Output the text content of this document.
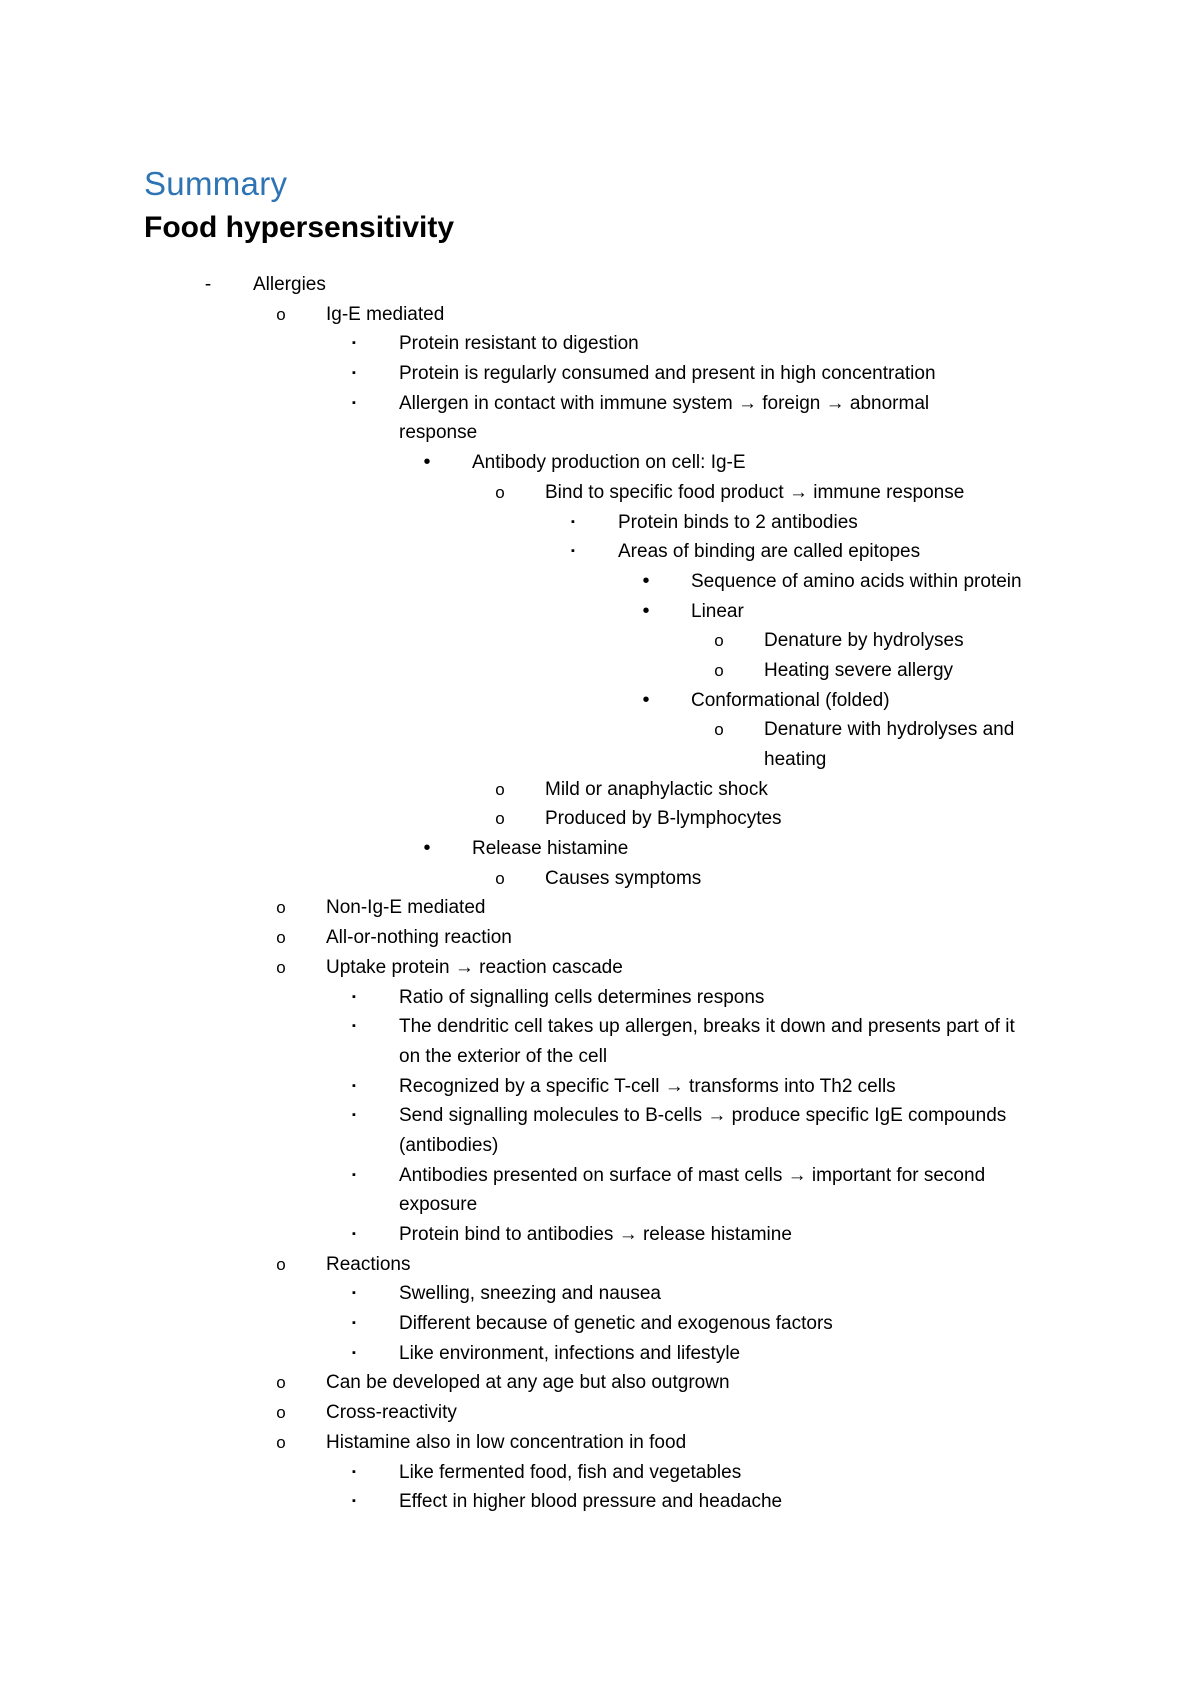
Summary
Food hypersensitivity
-	Allergies
o	Ig-E mediated
▪	Protein resistant to digestion
▪	Protein is regularly consumed and present in high concentration
▪	Allergen in contact with immune system → foreign → abnormal
response
•	Antibody production on cell: Ig-E
o	Bind to specific food product → immune response
▪	Protein binds to 2 antibodies
▪	Areas of binding are called epitopes
•	Sequence of amino acids within protein
•	Linear
o	Denature by hydrolyses
o	Heating severe allergy
•	Conformational (folded)
o	Denature with hydrolyses and
heating
o	Mild or anaphylactic shock
o	Produced by B-lymphocytes
•	Release histamine
o	Causes symptoms
o	Non-Ig-E mediated
o	All-or-nothing reaction
o	Uptake protein → reaction cascade
▪	Ratio of signalling cells determines respons
▪	The dendritic cell takes up allergen, breaks it down and presents part of it
on the exterior of the cell
▪	Recognized by a specific T-cell → transforms into Th2 cells
▪	Send signalling molecules to B-cells → produce specific IgE compounds
(antibodies)
▪	Antibodies presented on surface of mast cells → important for second
exposure
▪	Protein bind to antibodies → release histamine
o	Reactions
▪	Swelling, sneezing and nausea
▪	Different because of genetic and exogenous factors
▪	Like environment, infections and lifestyle
o	Can be developed at any age but also outgrown
o	Cross-reactivity
o	Histamine also in low concentration in food
▪	Like fermented food, fish and vegetables
▪	Effect in higher blood pressure and headache
